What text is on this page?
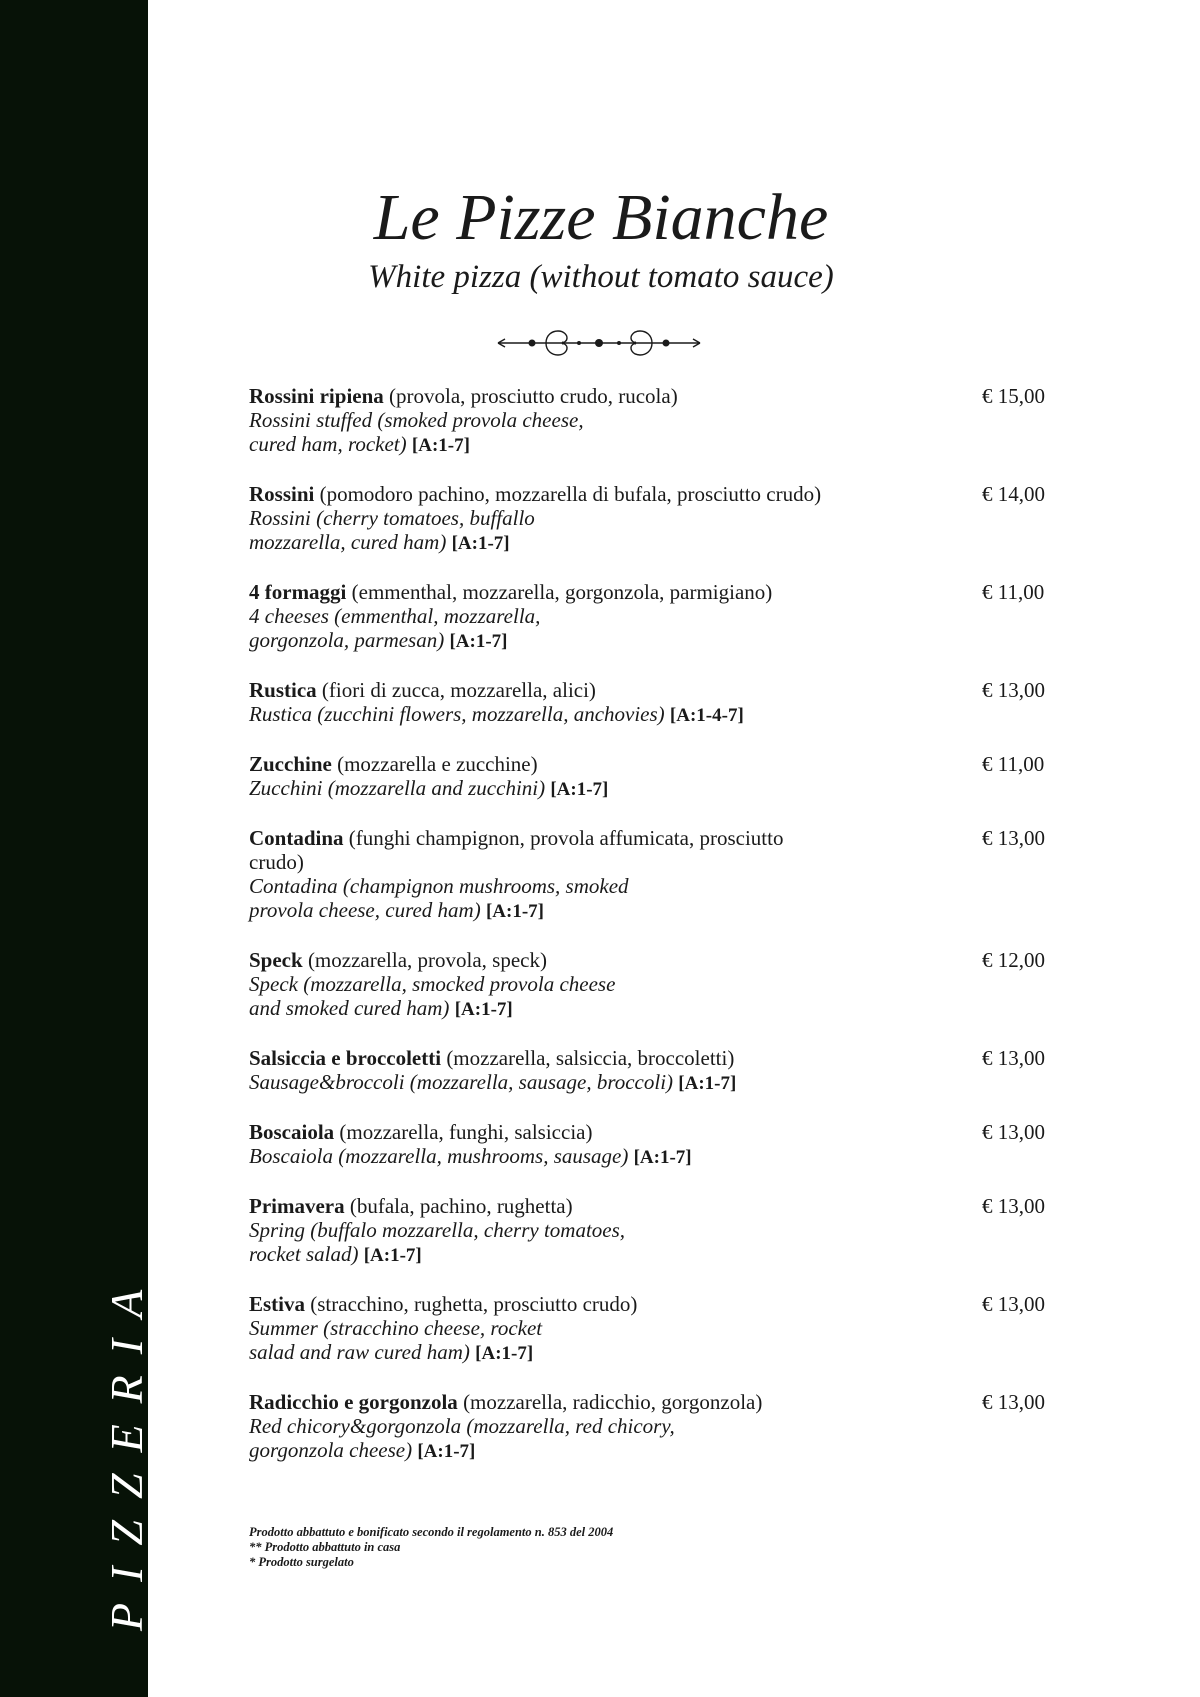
PIZZERIA
Le Pizze Bianche
White pizza (without tomato sauce)
Rossini ripiena (provola, prosciutto crudo, rucola)
Rossini stuffed (smoked provola cheese,
cured ham, rocket) [A:1-7]
€ 15,00
Rossini (pomodoro pachino, mozzarella di bufala, prosciutto crudo)
Rossini (cherry tomatoes, buffallo
mozzarella, cured ham) [A:1-7]
€ 14,00
4 formaggi (emmenthal, mozzarella, gorgonzola, parmigiano)
4 cheeses (emmenthal, mozzarella,
gorgonzola, parmesan) [A:1-7]
€ 11,00
Rustica (fiori di zucca, mozzarella, alici)
Rustica (zucchini flowers, mozzarella, anchovies) [A:1-4-7]
€ 13,00
Zucchine (mozzarella e zucchine)
Zucchini (mozzarella and zucchini) [A:1-7]
€ 11,00
Contadina (funghi champignon, provola affumicata, prosciutto crudo)
Contadina (champignon mushrooms, smoked
provola cheese, cured ham) [A:1-7]
€ 13,00
Speck (mozzarella, provola, speck)
Speck (mozzarella, smocked provola cheese
and smoked cured ham) [A:1-7]
€ 12,00
Salsiccia e broccoletti (mozzarella, salsiccia, broccoletti)
Sausage&broccoli (mozzarella, sausage, broccoli) [A:1-7]
€ 13,00
Boscaiola (mozzarella, funghi, salsiccia)
Boscaiola (mozzarella, mushrooms, sausage) [A:1-7]
€ 13,00
Primavera (bufala, pachino, rughetta)
Spring (buffalo mozzarella, cherry tomatoes,
rocket salad) [A:1-7]
€ 13,00
Estiva (stracchino, rughetta, prosciutto crudo)
Summer (stracchino cheese, rocket
salad and raw cured ham) [A:1-7]
€ 13,00
Radicchio e gorgonzola (mozzarella, radicchio, gorgonzola)
Red chicory&gorgonzola (mozzarella, red chicory,
gorgonzola cheese) [A:1-7]
€ 13,00
Prodotto abbattuto e bonificato secondo il regolamento n. 853 del 2004
** Prodotto abbattuto in casa
* Prodotto surgelato
